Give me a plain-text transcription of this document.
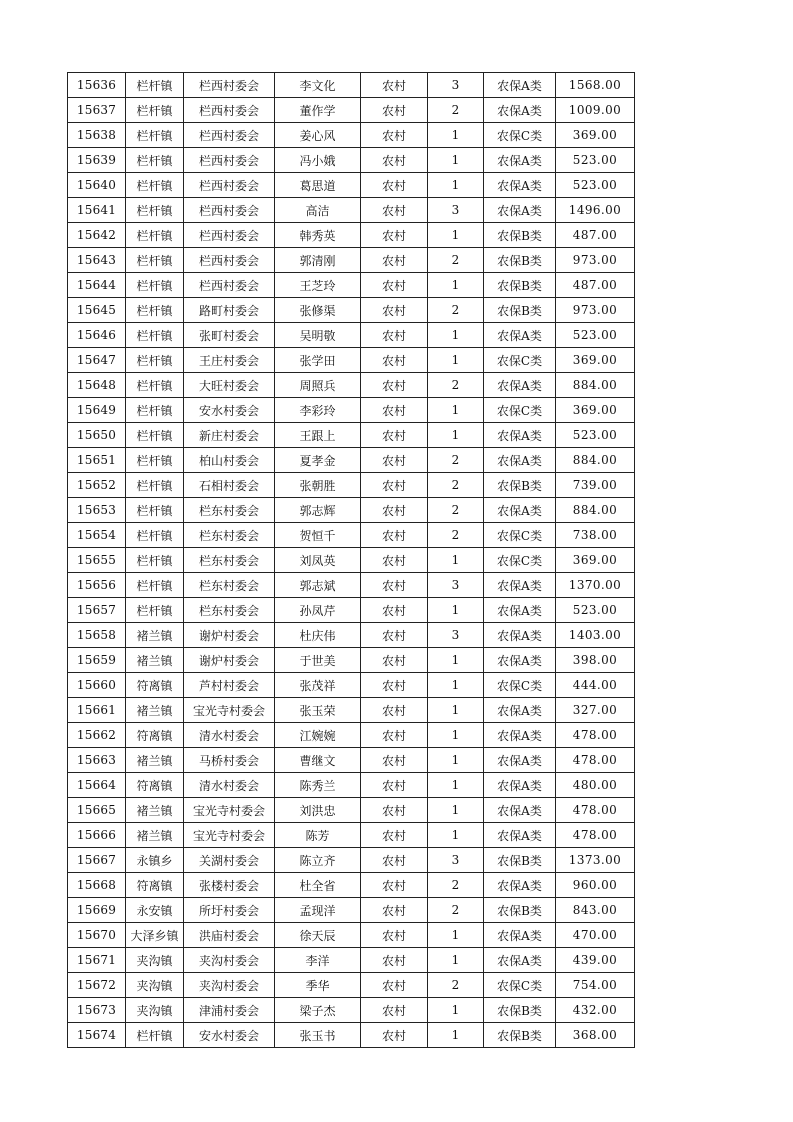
15636	栏杆镇	栏西村委会	李文化	农村	3	农保A类	1568.00
15637	栏杆镇	栏西村委会	董作学	农村	2	农保A类	1009.00
15638	栏杆镇	栏西村委会	姜心风	农村	1	农保C类	369.00
15639	栏杆镇	栏西村委会	冯小娥	农村	1	农保A类	523.00
15640	栏杆镇	栏西村委会	葛思道	农村	1	农保A类	523.00
15641	栏杆镇	栏西村委会	高洁	农村	3	农保A类	1496.00
15642	栏杆镇	栏西村委会	韩秀英	农村	1	农保B类	487.00
15643	栏杆镇	栏西村委会	郭清刚	农村	2	农保B类	973.00
15644	栏杆镇	栏西村委会	王芝玲	农村	1	农保B类	487.00
15645	栏杆镇	路町村委会	张修渠	农村	2	农保B类	973.00
15646	栏杆镇	张町村委会	吴明敬	农村	1	农保A类	523.00
15647	栏杆镇	王庄村委会	张学田	农村	1	农保C类	369.00
15648	栏杆镇	大旺村委会	周照兵	农村	2	农保A类	884.00
15649	栏杆镇	安水村委会	李彩玲	农村	1	农保C类	369.00
15650	栏杆镇	新庄村委会	王跟上	农村	1	农保A类	523.00
15651	栏杆镇	柏山村委会	夏孝金	农村	2	农保A类	884.00
15652	栏杆镇	石相村委会	张朝胜	农村	2	农保B类	739.00
15653	栏杆镇	栏东村委会	郭志辉	农村	2	农保A类	884.00
15654	栏杆镇	栏东村委会	贺恒千	农村	2	农保C类	738.00
15655	栏杆镇	栏东村委会	刘凤英	农村	1	农保C类	369.00
15656	栏杆镇	栏东村委会	郭志斌	农村	3	农保A类	1370.00
15657	栏杆镇	栏东村委会	孙凤芹	农村	1	农保A类	523.00
15658	褚兰镇	谢炉村委会	杜庆伟	农村	3	农保A类	1403.00
15659	褚兰镇	谢炉村委会	于世美	农村	1	农保A类	398.00
15660	符离镇	芦村村委会	张茂祥	农村	1	农保C类	444.00
15661	褚兰镇	宝光寺村委会	张玉荣	农村	1	农保A类	327.00
15662	符离镇	清水村委会	江婉婉	农村	1	农保A类	478.00
15663	褚兰镇	马桥村委会	曹继文	农村	1	农保A类	478.00
15664	符离镇	清水村委会	陈秀兰	农村	1	农保A类	480.00
15665	褚兰镇	宝光寺村委会	刘洪忠	农村	1	农保A类	478.00
15666	褚兰镇	宝光寺村委会	陈芳	农村	1	农保A类	478.00
15667	永镇乡	关湖村委会	陈立齐	农村	3	农保B类	1373.00
15668	符离镇	张楼村委会	杜全省	农村	2	农保A类	960.00
15669	永安镇	所圩村委会	孟现洋	农村	2	农保B类	843.00
15670	大泽乡镇	洪庙村委会	徐天辰	农村	1	农保A类	470.00
15671	夹沟镇	夹沟村委会	李洋	农村	1	农保A类	439.00
15672	夹沟镇	夹沟村委会	季华	农村	2	农保C类	754.00
15673	夹沟镇	津浦村委会	梁子杰	农村	1	农保B类	432.00
15674	栏杆镇	安水村委会	张玉书	农村	1	农保B类	368.00
